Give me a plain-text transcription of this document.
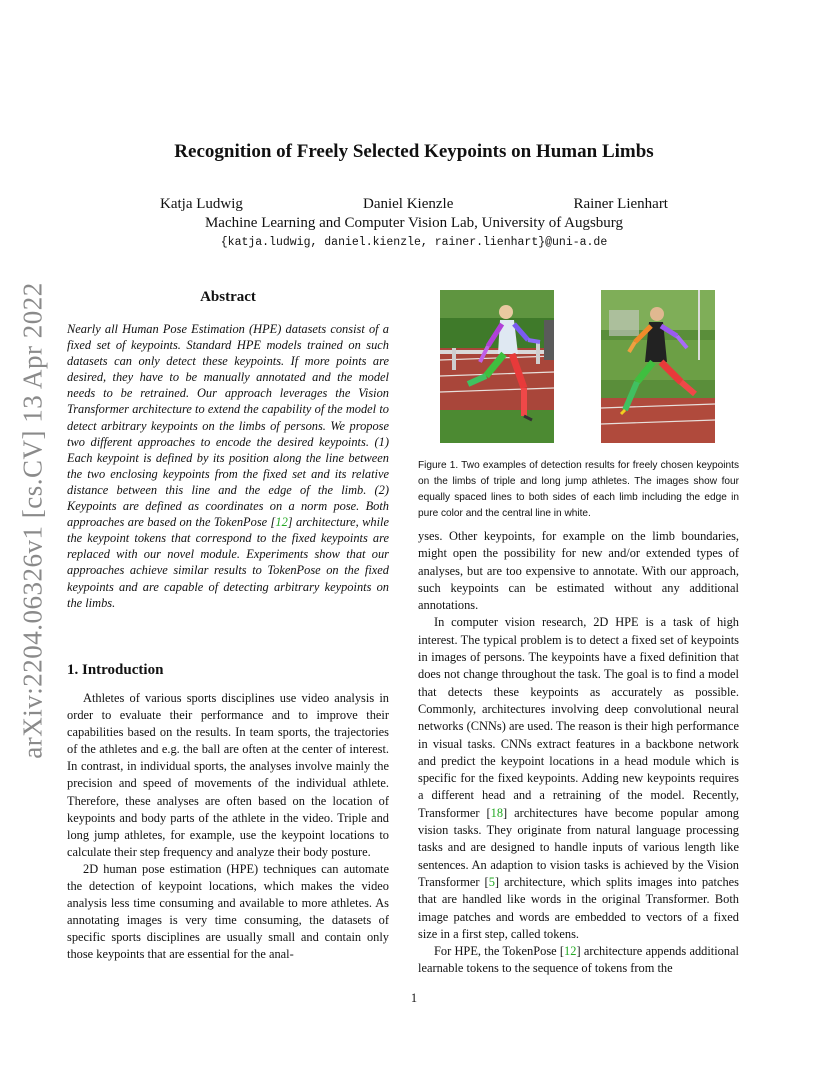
arXiv:2204.06326v1 [cs.CV] 13 Apr 2022
Recognition of Freely Selected Keypoints on Human Limbs
Katja Ludwig	Daniel Kienzle	Rainer Lienhart
Machine Learning and Computer Vision Lab, University of Augsburg
{katja.ludwig, daniel.kienzle, rainer.lienhart}@uni-a.de
Abstract
Nearly all Human Pose Estimation (HPE) datasets consist of a fixed set of keypoints. Standard HPE models trained on such datasets can only detect these keypoints. If more points are desired, they have to be manually annotated and the model needs to be retrained. Our approach leverages the Vision Transformer architecture to extend the capability of the model to detect arbitrary keypoints on the limbs of persons. We propose two different approaches to encode the desired keypoints. (1) Each keypoint is defined by its position along the line between the two enclosing keypoints from the fixed set and its relative distance between this line and the edge of the limb. (2) Keypoints are defined as coordinates on a norm pose. Both approaches are based on the TokenPose [12] architecture, while the keypoint tokens that correspond to the fixed keypoints are replaced with our novel module. Experiments show that our approaches achieve similar results to TokenPose on the fixed keypoints and are capable of detecting arbitrary keypoints on the limbs.
1. Introduction

Athletes of various sports disciplines use video analysis in order to evaluate their performance and to improve their capabilities based on the results. In team sports, the trajectories of the athletes and e.g. the ball are often at the center of interest. In contrast, in individual sports, the analyses involve mainly the precision and speed of movements of the individual athlete. Therefore, these analyses are often based on the location of keypoints and body parts of the athlete in the video. Triple and long jump athletes, for example, use the keypoint locations to calculate their step frequency and analyze their body posture.

2D human pose estimation (HPE) techniques can automate the detection of keypoint locations, which makes the video analysis less time consuming and available to more athletes. As annotating images is very time consuming, the datasets of specific sports disciplines are usually small and contain only those keypoints that are essential for the anal-

Figure 1. Two examples of detection results for freely chosen keypoints on the limbs of triple and long jump athletes. The images show four equally spaced lines to both sides of each limb including the edge in pure color and the central line in white.

yses. Other keypoints, for example on the limb boundaries, might open the possibility for new and/or extended types of analyses, but are too expensive to annotate. With our approach, such keypoints can be estimated without any additional annotations.

In computer vision research, 2D HPE is a task of high interest. The typical problem is to detect a fixed set of keypoints in images of persons. The keypoints have a fixed definition that does not change throughout the task. The goal is to find a model that detects these keypoints as accurately as possible. Commonly, architectures involving deep convolutional neural networks (CNNs) are used. The reason is their high performance in visual tasks. CNNs extract features in a backbone network and predict the keypoint locations in a head module which is specific for the fixed keypoints. Adding new keypoints requires a different head and a retraining of the model. Recently, Transformer [18] architectures have become popular among vision tasks. They originate from natural language processing tasks and are designed to handle inputs of various length like sentences. An adaption to vision tasks is achieved by the Vision Transformer [5] architecture, which splits images into patches that are handled like words in the original Transformer. Both image patches and words are embedded to vectors of a fixed size in a first step, called tokens.

For HPE, the TokenPose [12] architecture appends additional learnable tokens to the sequence of tokens from the

1
